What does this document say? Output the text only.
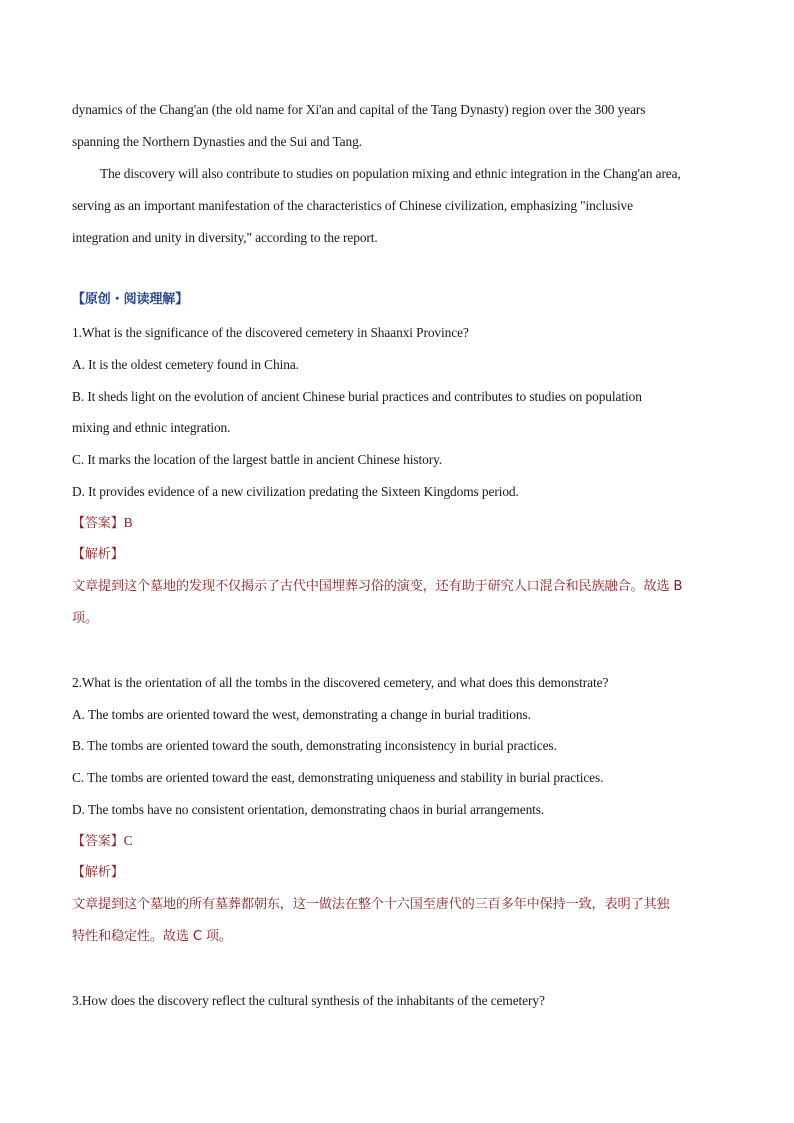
dynamics of the Chang'an (the old name for Xi'an and capital of the Tang Dynasty) region over the 300 years
spanning the Northern Dynasties and the Sui and Tang.
The discovery will also contribute to studies on population mixing and ethnic integration in the Chang'an area,
serving as an important manifestation of the characteristics of Chinese civilization, emphasizing "inclusive
integration and unity in diversity," according to the report.
【原创・阅读理解】
1.What is the significance of the discovered cemetery in Shaanxi Province?
A. It is the oldest cemetery found in China.
B. It sheds light on the evolution of ancient Chinese burial practices and contributes to studies on population
mixing and ethnic integration.
C. It marks the location of the largest battle in ancient Chinese history.
D. It provides evidence of a new civilization predating the Sixteen Kingdoms period.
【答案】B
【解析】
文章提到这个墓地的发现不仅揭示了古代中国埋葬习俗的演变，还有助于研究人口混合和民族融合。故选 B
项。
2.What is the orientation of all the tombs in the discovered cemetery, and what does this demonstrate?
A. The tombs are oriented toward the west, demonstrating a change in burial traditions.
B. The tombs are oriented toward the south, demonstrating inconsistency in burial practices.
C. The tombs are oriented toward the east, demonstrating uniqueness and stability in burial practices.
D. The tombs have no consistent orientation, demonstrating chaos in burial arrangements.
【答案】C
【解析】
文章提到这个墓地的所有墓葬都朝东，这一做法在整个十六国至唐代的三百多年中保持一致，表明了其独
特性和稳定性。故选 C 项。
3.How does the discovery reflect the cultural synthesis of the inhabitants of the cemetery?
